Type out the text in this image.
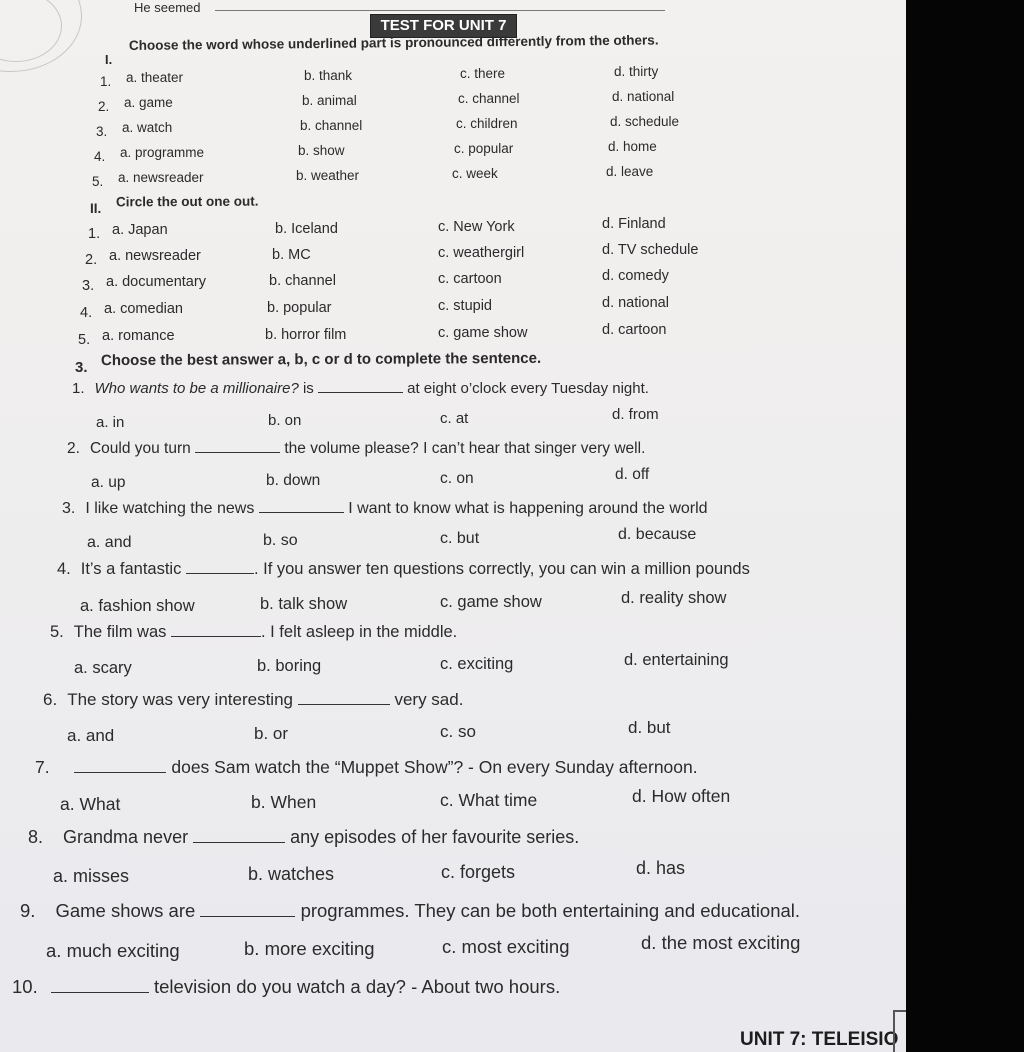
He seemed
TEST FOR UNIT 7
I.
Choose the word whose underlined part is pronounced differently from the others.
1. a. theater	b. thank	c. there	d. thirty
2. a. game	b. animal	c. channel	d. national
3. a. watch	b. channel	c. children	d. schedule
4. a. programme	b. show	c. popular	d. home
5. a. newsreader	b. weather	c. week	d. leave
II. Circle the out one out.
1. a. Japan	b. Iceland	c. New York	d. Finland
2. a. newsreader	b. MC	c. weathergirl	d. TV schedule
3. a. documentary	b. channel	c. cartoon	d. comedy
4. a. comedian	b. popular	c. stupid	d. national
5. a. romance	b. horror film	c. game show	d. cartoon
3. Choose the best answer a, b, c or d to complete the sentence.
1. Who wants to be a millionaire? is	at eight o’clock every Tuesday night.
a. in	b. on	c. at	d. from
2. Could you turn	the volume please? I can’t hear that singer very well.
a. up	b. down	c. on	d. off
3. I like watching the news	I want to know what is happening around the world
a. and	b. so	c. but	d. because
4. It’s a fantastic	. If you answer ten questions correctly, you can win a million pounds
a. fashion show	b. talk show	c. game show	d. reality show
5. The film was	. I felt asleep in the middle.
a. scary	b. boring	c. exciting	d. entertaining
6. The story was very interesting	very sad.
a. and	b. or	c. so	d. but
7.	does Sam watch the “Muppet Show”? - On every Sunday afternoon.
a. What	b. When	c. What time	d. How often
8. Grandma never	any episodes of her favourite series.
a. misses	b. watches	c. forgets	d. has
9. Game shows are	programmes. They can be both entertaining and educational.
a. much exciting	b. more exciting	c. most exciting	d. the most exciting
10.	television do you watch a day? - About two hours.
UNIT 7: TELEISIO
